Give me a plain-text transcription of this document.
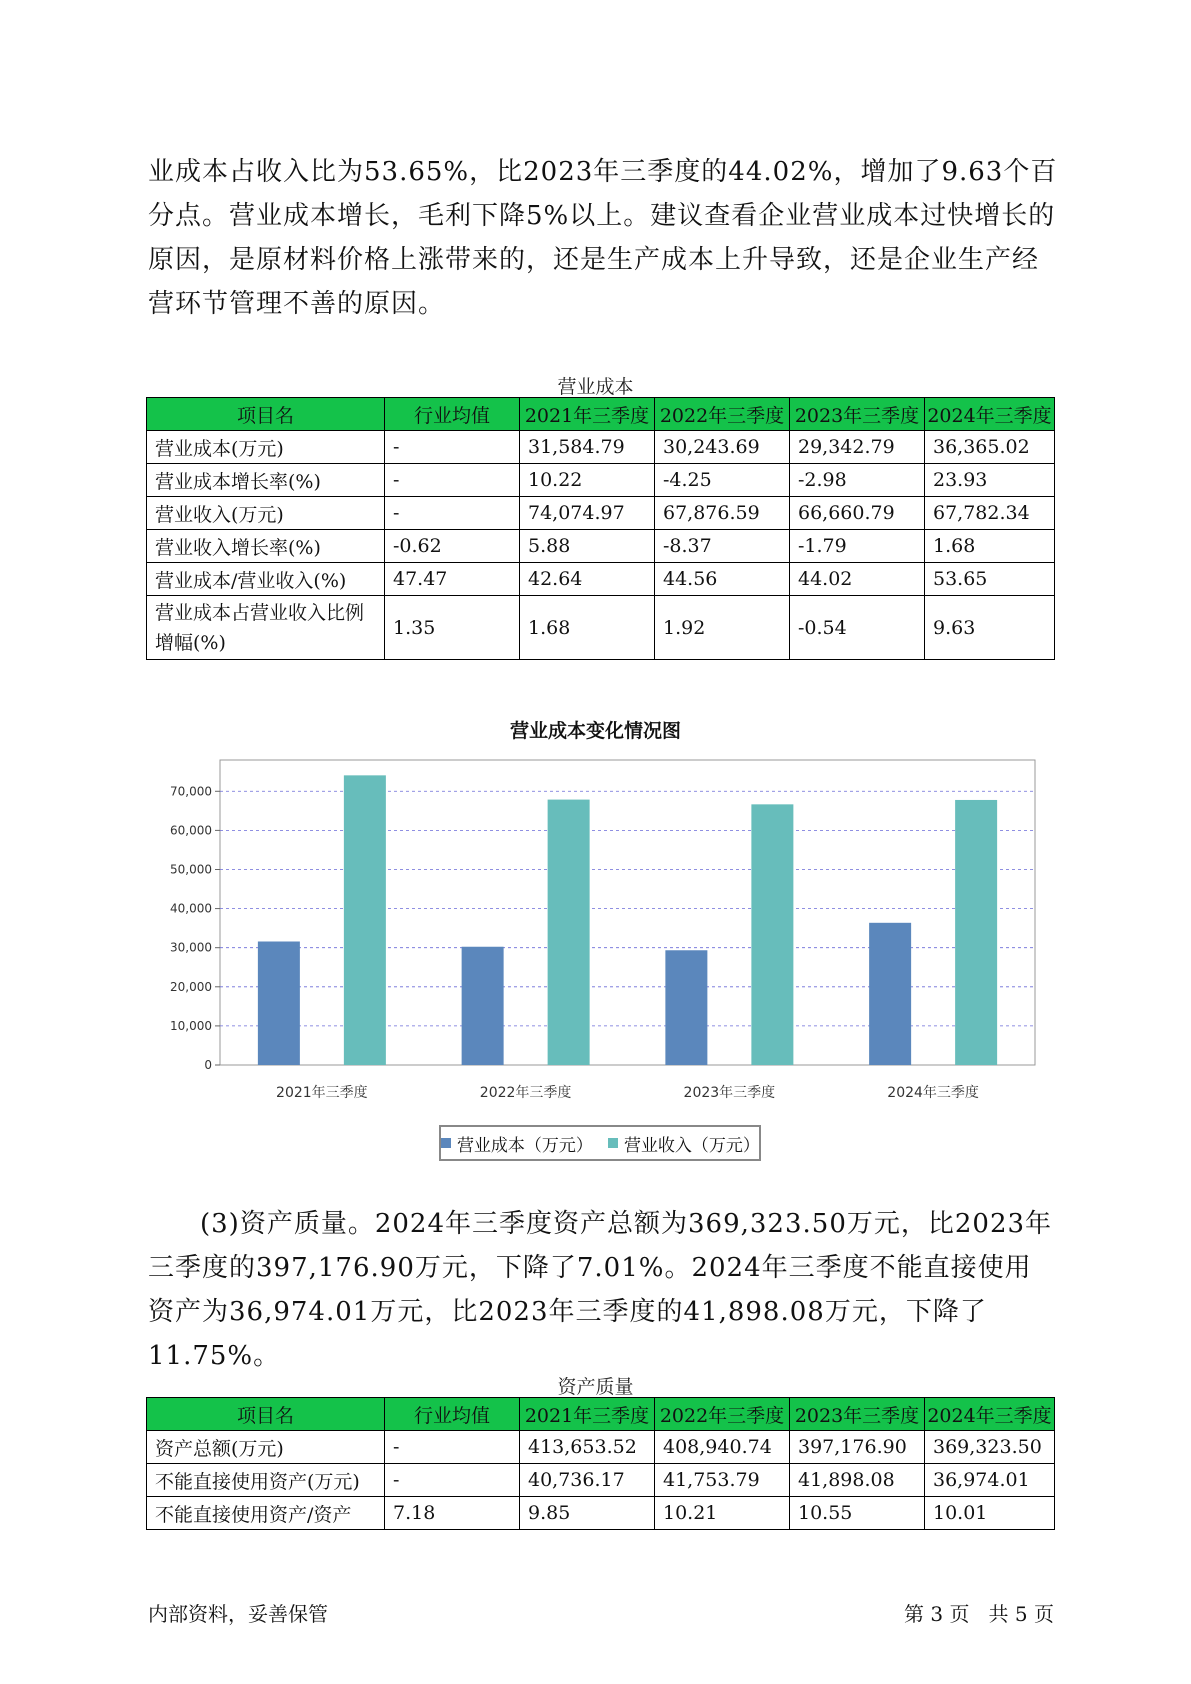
业成本占收入比为53.65%，比2023年三季度的44.02%，增加了9.63个百分点。营业成本增长，毛利下降5%以上。建议查看企业营业成本过快增长的原因，是原材料价格上涨带来的，还是生产成本上升导致，还是企业生产经营环节管理不善的原因。

营业成本
项目名	行业均值	2021年三季度	2022年三季度	2023年三季度	2024年三季度
营业成本(万元)	-	31,584.79	30,243.69	29,342.79	36,365.02
营业成本增长率(%)	-	10.22	-4.25	-2.98	23.93
营业收入(万元)	-	74,074.97	67,876.59	66,660.79	67,782.34
营业收入增长率(%)	-0.62	5.88	-8.37	-1.79	1.68
营业成本/营业收入(%)	47.47	42.64	44.56	44.02	53.65
营业成本占营业收入比例增幅(%)	1.35	1.68	1.92	-0.54	9.63
营业成本变化情况图
0
10,000
20,000
30,000
40,000
50,000
60,000
70,000
2021年三季度	2022年三季度	2023年三季度	2024年三季度
营业成本（万元） 营业收入（万元）

(3)资产质量。2024年三季度资产总额为369,323.50万元，比2023年三季度的397,176.90万元，下降了7.01%。2024年三季度不能直接使用资产为36,974.01万元，比2023年三季度的41,898.08万元，下降了11.75%。

资产质量
项目名	行业均值	2021年三季度	2022年三季度	2023年三季度	2024年三季度
资产总额(万元)	-	413,653.52	408,940.74	397,176.90	369,323.50
不能直接使用资产(万元)	-	40,736.17	41,753.79	41,898.08	36,974.01
不能直接使用资产/资产	7.18	9.85	10.21	10.55	10.01
内部资料，妥善保管	第 3 页   共 5 页
